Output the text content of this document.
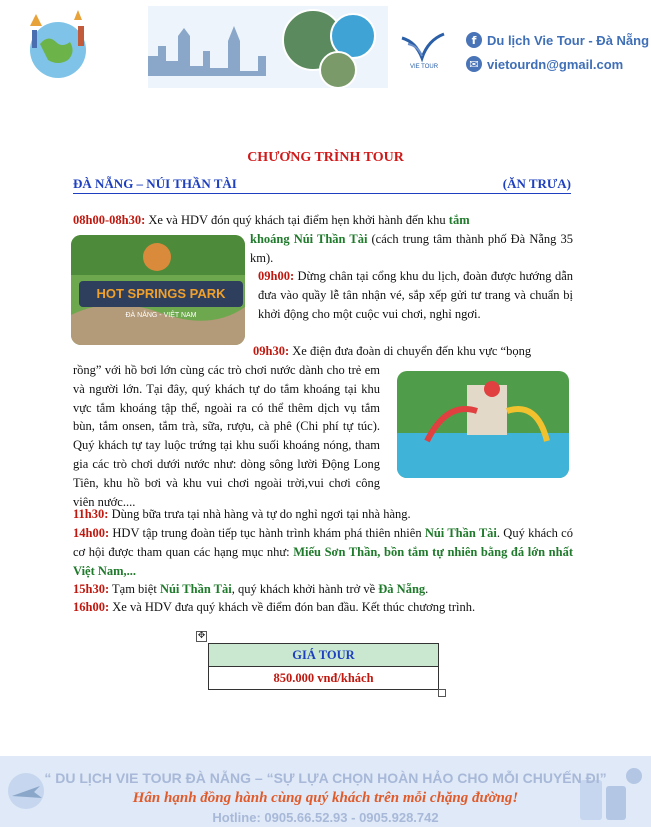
VIE TOUR
f Du lịch Vie Tour - Đà Nẵng
✉ vietourdn@gmail.com
CHƯƠNG TRÌNH TOUR
ĐÀ NẴNG – NÚI THẦN TÀI	(ĂN TRƯA)
HOT SPRINGS PARK
ĐÀ NẴNG - VIỆT NAM
08h00-08h30: Xe và HDV đón quý khách tại điểm hẹn khởi hành đến khu tắm
khoáng Núi Thần Tài (cách trung tâm thành phố Đà Nẵng 35 km).
09h00: Dừng chân tại cổng khu du lịch, đoàn được hướng dẫn đưa vào quầy lễ tân nhận vé, sắp xếp gửi tư trang và chuẩn bị khởi động cho một cuộc vui chơi, nghỉ ngơi.
09h30: Xe điện đưa đoàn di chuyển đến khu vực “bọng
rồng” với hồ bơi lớn cùng các trò chơi nước dành cho trẻ em và người lớn. Tại đây, quý khách tự do tắm khoáng tại khu vực tắm khoáng tập thể, ngoài ra có thể thêm dịch vụ tắm bùn, tắm onsen, tắm trà, sữa, rượu, cà phê (Chi phí tự túc). Quý khách tự tay luộc trứng tại khu suối khoáng nóng, tham gia các trò chơi dưới nước như: dòng sông lười Động Long Tiên, khu hồ bơi và khu vui chơi ngoài trời,vui chơi công viên nước....
11h30: Dùng bữa trưa tại nhà hàng và tự do nghỉ ngơi tại nhà hàng.
14h00: HDV tập trung đoàn tiếp tục hành trình khám phá thiên nhiên Núi Thần Tài. Quý khách có cơ hội được tham quan các hạng mục như: Miếu Sơn Thần, bồn tắm tự nhiên bằng đá lớn nhất Việt Nam,...
15h30: Tạm biệt Núi Thần Tài, quý khách khởi hành trở về Đà Nẵng.
16h00: Xe và HDV đưa quý khách về điểm đón ban đầu. Kết thúc chương trình.
✥
GIÁ TOUR
850.000 vnđ/khách
“ DU LỊCH VIE TOUR ĐÀ NẴNG – “SỰ LỰA CHỌN HOÀN HẢO CHO MỖI CHUYẾN ĐI”
Hân hạnh đồng hành cùng quý khách trên mỗi chặng đường!
Hotline: 0905.66.52.93 - 0905.928.742
